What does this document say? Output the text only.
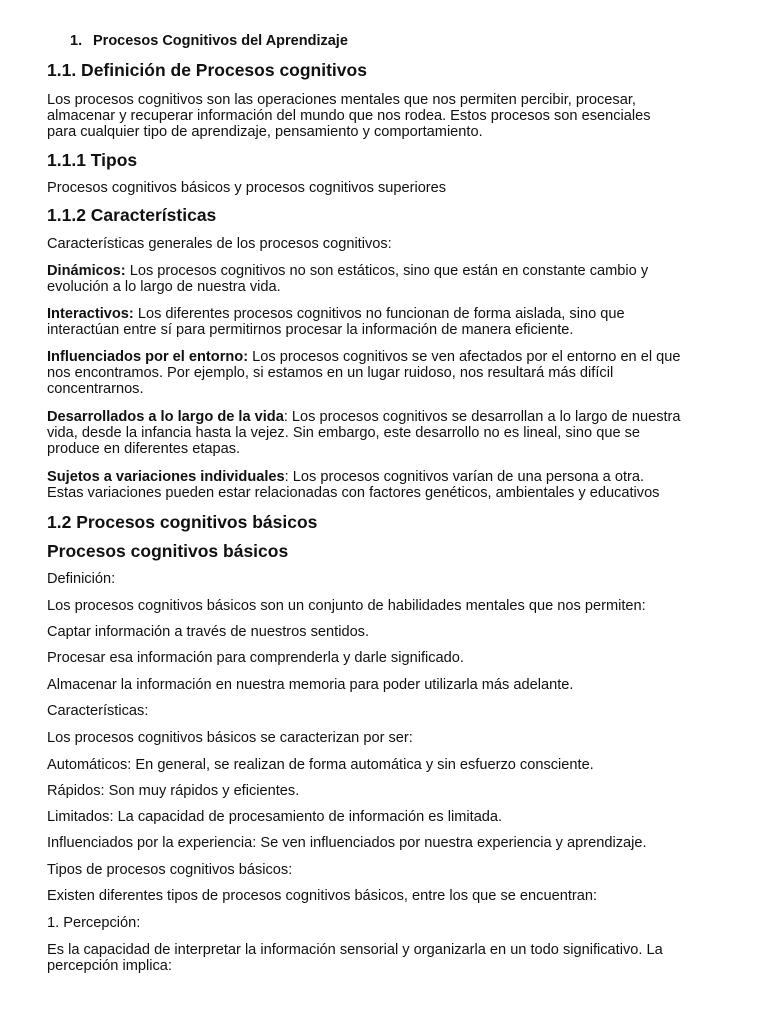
1. Procesos Cognitivos del Aprendizaje

1.1. Definición de Procesos cognitivos

Los procesos cognitivos son las operaciones mentales que nos permiten percibir, procesar,

almacenar y recuperar información del mundo que nos rodea. Estos procesos son esenciales

para cualquier tipo de aprendizaje, pensamiento y comportamiento.

1.1.1 Tipos

Procesos cognitivos básicos y procesos cognitivos superiores

1.1.2 Características

Características generales de los procesos cognitivos:

Dinámicos: Los procesos cognitivos no son estáticos, sino que están en constante cambio y

evolución a lo largo de nuestra vida.

Interactivos: Los diferentes procesos cognitivos no funcionan de forma aislada, sino que

interactúan entre sí para permitirnos procesar la información de manera eficiente.

Influenciados por el entorno: Los procesos cognitivos se ven afectados por el entorno en el que

nos encontramos. Por ejemplo, si estamos en un lugar ruidoso, nos resultará más difícil

concentrarnos.

Desarrollados a lo largo de la vida: Los procesos cognitivos se desarrollan a lo largo de nuestra

vida, desde la infancia hasta la vejez. Sin embargo, este desarrollo no es lineal, sino que se

produce en diferentes etapas.

Sujetos a variaciones individuales: Los procesos cognitivos varían de una persona a otra.

Estas variaciones pueden estar relacionadas con factores genéticos, ambientales y educativos

1.2 Procesos cognitivos básicos

Procesos cognitivos básicos

Definición:

Los procesos cognitivos básicos son un conjunto de habilidades mentales que nos permiten:

Captar información a través de nuestros sentidos.

Procesar esa información para comprenderla y darle significado.

Almacenar la información en nuestra memoria para poder utilizarla más adelante.

Características:

Los procesos cognitivos básicos se caracterizan por ser:

Automáticos: En general, se realizan de forma automática y sin esfuerzo consciente.

Rápidos: Son muy rápidos y eficientes.

Limitados: La capacidad de procesamiento de información es limitada.

Influenciados por la experiencia: Se ven influenciados por nuestra experiencia y aprendizaje.

Tipos de procesos cognitivos básicos:

Existen diferentes tipos de procesos cognitivos básicos, entre los que se encuentran:

1. Percepción:

Es la capacidad de interpretar la información sensorial y organizarla en un todo significativo. La

percepción implica:
